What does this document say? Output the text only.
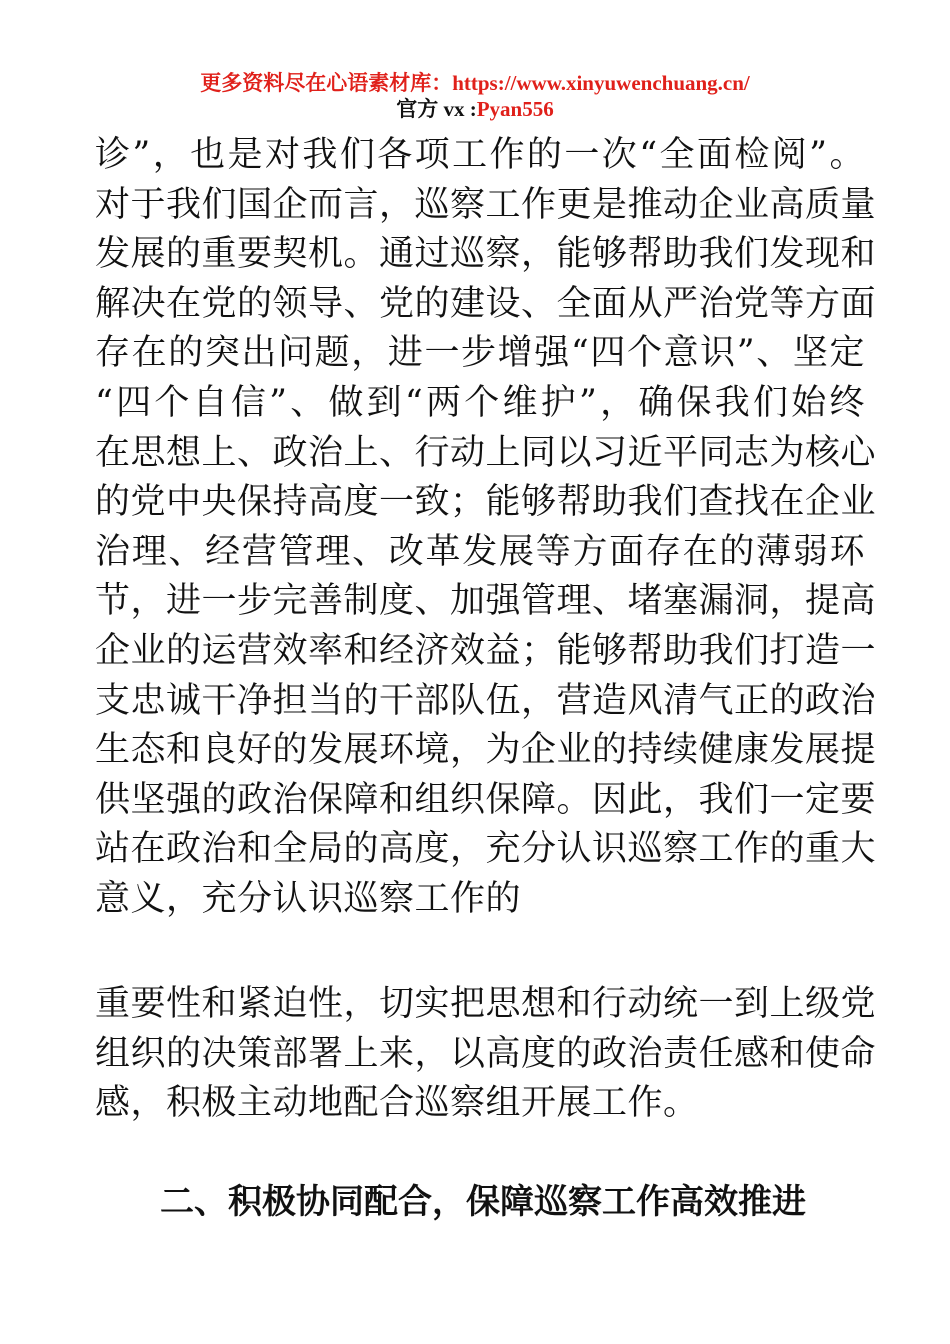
更多资料尽在心语素材库：https://www.xinyuwenchuang.cn/
官方 vx :Pyan556
诊”，也是对我们各项工作的一次“全面检阅”。
对于我们国企而言，巡察工作更是推动企业高质量
发展的重要契机。通过巡察，能够帮助我们发现和
解决在党的领导、党的建设、全面从严治党等方面
存在的突出问题，进一步增强“四个意识”、坚定
“四个自信”、做到“两个维护”，确保我们始终
在思想上、政治上、行动上同以习近平同志为核心
的党中央保持高度一致；能够帮助我们查找在企业
治理、经营管理、改革发展等方面存在的薄弱环
节，进一步完善制度、加强管理、堵塞漏洞，提高
企业的运营效率和经济效益；能够帮助我们打造一
支忠诚干净担当的干部队伍，营造风清气正的政治
生态和良好的发展环境，为企业的持续健康发展提
供坚强的政治保障和组织保障。因此，我们一定要
站在政治和全局的高度，充分认识巡察工作的重大
意义，充分认识巡察工作的
重要性和紧迫性，切实把思想和行动统一到上级党
组织的决策部署上来，以高度的政治责任感和使命
感，积极主动地配合巡察组开展工作。
二、积极协同配合，保障巡察工作高效推进
